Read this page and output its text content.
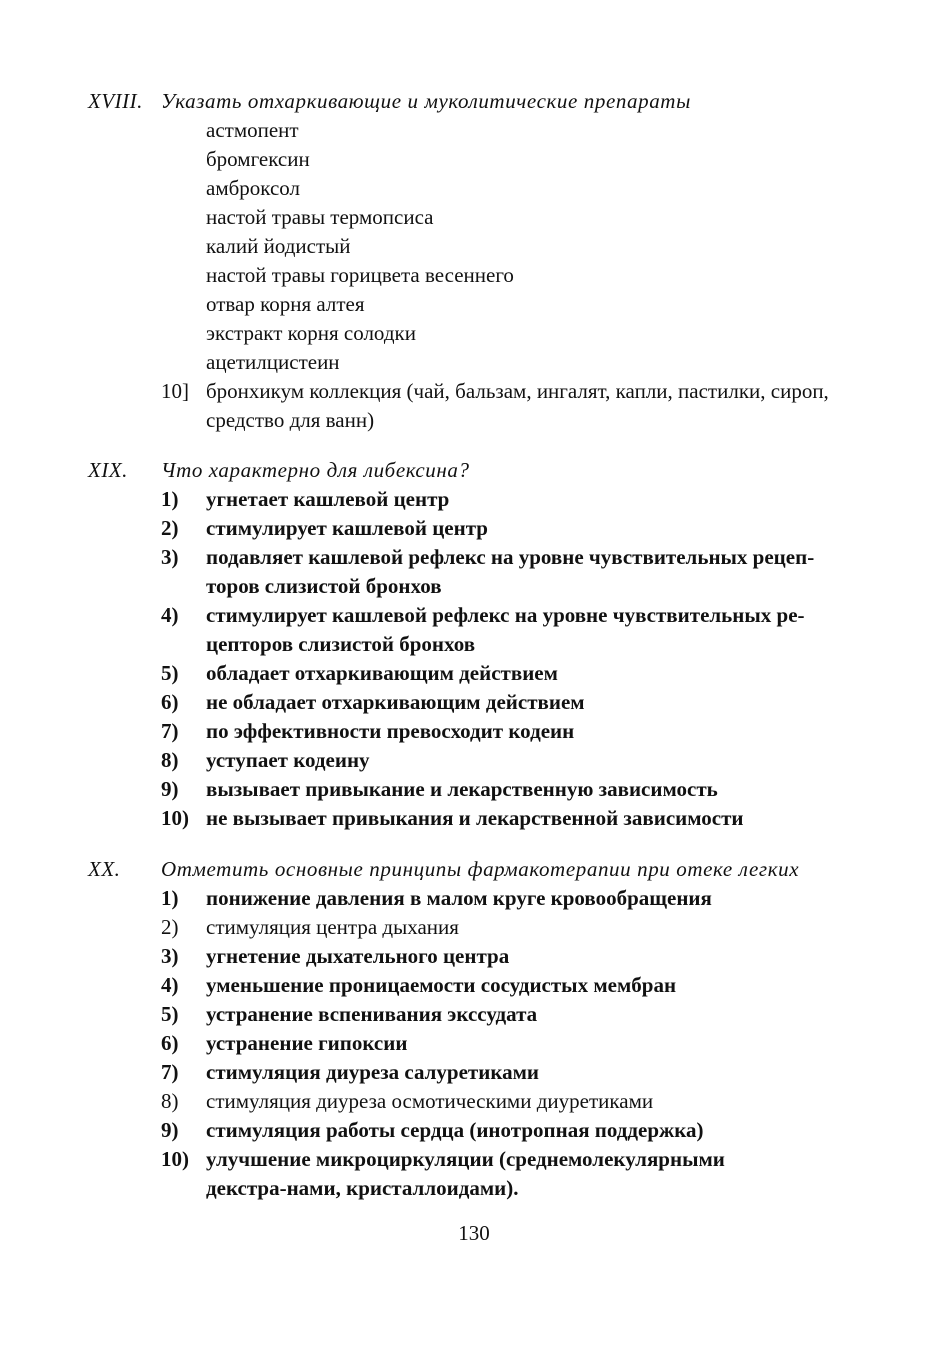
XVIII. Указать отхаркивающие и муколитические препараты
астмопент
бромгексин
амброксол
настой травы термопсиса
калий йодистый
настой травы горицвета весеннего
отвар корня алтея
экстракт корня солодки
ацетилцистеин
10] бронхикум коллекция (чай, бальзам, ингалят, капли, пастилки, сироп, средство для ванн)
XIX. Что характерно для либексина?
1)	угнетает кашлевой центр
2)	стимулирует кашлевой центр
3)	подавляет кашлевой рефлекс на уровне чувствительных рецеп-торов слизистой бронхов
4)	стимулирует кашлевой рефлекс на уровне чувствительных ре-цепторов слизистой бронхов
5)	обладает отхаркивающим действием
6)	не обладает отхаркивающим действием
7)	по эффективности превосходит кодеин
8)	уступает кодеину
9)	вызывает привыкание и лекарственную зависимость
10) не вызывает привыкания и лекарственной зависимости
XX. Отметить основные принципы фармакотерапии при отеке легких
1)	понижение давления в малом круге кровообращения
2)	стимуляция центра дыхания
3)	угнетение дыхательного центра
4)	уменьшение проницаемости сосудистых мембран
5)	устранение вспенивания экссудата
6)	устранение гипоксии
7)	стимуляция диуреза салуретиками
8)	стимуляция диуреза осмотическими диуретиками
9)	стимуляция работы сердца (инотропная поддержка)
10) улучшение микроциркуляции (среднемолекулярными декстра-нами, кристаллоидами).
130
